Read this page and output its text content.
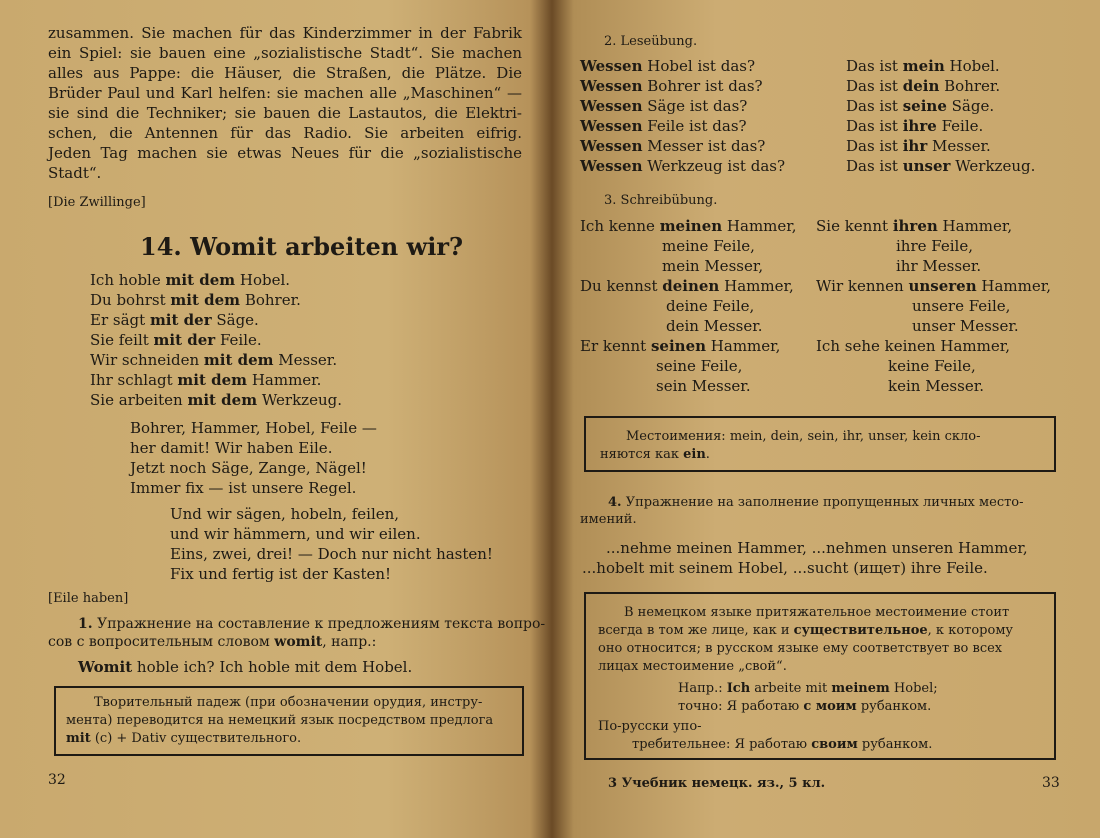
zusammen. Sie machen für das Kinderzimmer in der Fabrik
ein Spiel: sie bauen eine „sozialistische Stadt“. Sie machen
alles aus Pappe: die Häuser, die Straßen, die Plätze. Die
Brüder Paul und Karl helfen: sie machen alle „Maschinen“ —
sie sind die Techniker; sie bauen die Lastautos, die Elektri-
schen, die Antennen für das Radio. Sie arbeiten eifrig.
Jeden Tag machen sie etwas Neues für die „sozialistische
Stadt“.
[Die Zwillinge]
14. Womit arbeiten wir?
Ich hoble mit dem Hobel.
Du bohrst mit dem Bohrer.
Er sägt mit der Säge.
Sie feilt mit der Feile.
Wir schneiden mit dem Messer.
Ihr schlagt mit dem Hammer.
Sie arbeiten mit dem Werkzeug.
Bohrer, Hammer, Hobel, Feile —
her damit! Wir haben Eile.
Jetzt noch Säge, Zange, Nägel!
Immer fix — ist unsere Regel.
Und wir sägen, hobeln, feilen,
und wir hämmern, und wir eilen.
Eins, zwei, drei! — Doch nur nicht hasten!
Fix und fertig ist der Kasten!
[Eile haben]
1. Упражнение на составление к предложениям текста вопро-
сов с вопросительным словом womit, напр.:
Womit hoble ich? Ich hoble mit dem Hobel.
Творительный падеж (при обозначении орудия, инстру-
мента) переводится на немецкий язык посредством предлога
mit (с) + Dativ существительного.
32
2. Leseübung.
Wessen Hobel ist das?
Wessen Bohrer ist das?
Wessen Säge ist das?
Wessen Feile ist das?
Wessen Messer ist das?
Wessen Werkzeug ist das?
Das ist mein Hobel.
Das ist dein Bohrer.
Das ist seine Säge.
Das ist ihre Feile.
Das ist ihr Messer.
Das ist unser Werkzeug.
3. Schreibübung.
Ich kenne meinen Hammer,
meine Feile,
mein Messer,
Du kennst deinen Hammer,
deine Feile,
dein Messer.
Er kennt seinen Hammer,
seine Feile,
sein Messer.
Sie kennt ihren Hammer,
ihre Feile,
ihr Messer.
Wir kennen unseren Hammer,
unsere Feile,
unser Messer.
Ich sehe keinen Hammer,
keine Feile,
kein Messer.
Местоимения: mein, dein, sein, ihr, unser, kein скло-
няются как ein.
4. Упражнение на заполнение пропущенных личных место-
имений.
...nehme meinen Hammer, ...nehmen unseren Hammer,
...hobelt mit seinem Hobel, ...sucht (ищет) ihre Feile.
В немецком языке притяжательное местоимение стоит
всегда в том же лице, как и существительное, к которому
оно относится; в русском языке ему соответствует во всех
лицах местоимение „свой“.
Напр.: Ich arbeite mit meinem Hobel;
точно: Я работаю с моим рубанком.
По-русски упо-
требительнее: Я работаю своим рубанком.
3 Учебник немецк. яз., 5 кл.	33
